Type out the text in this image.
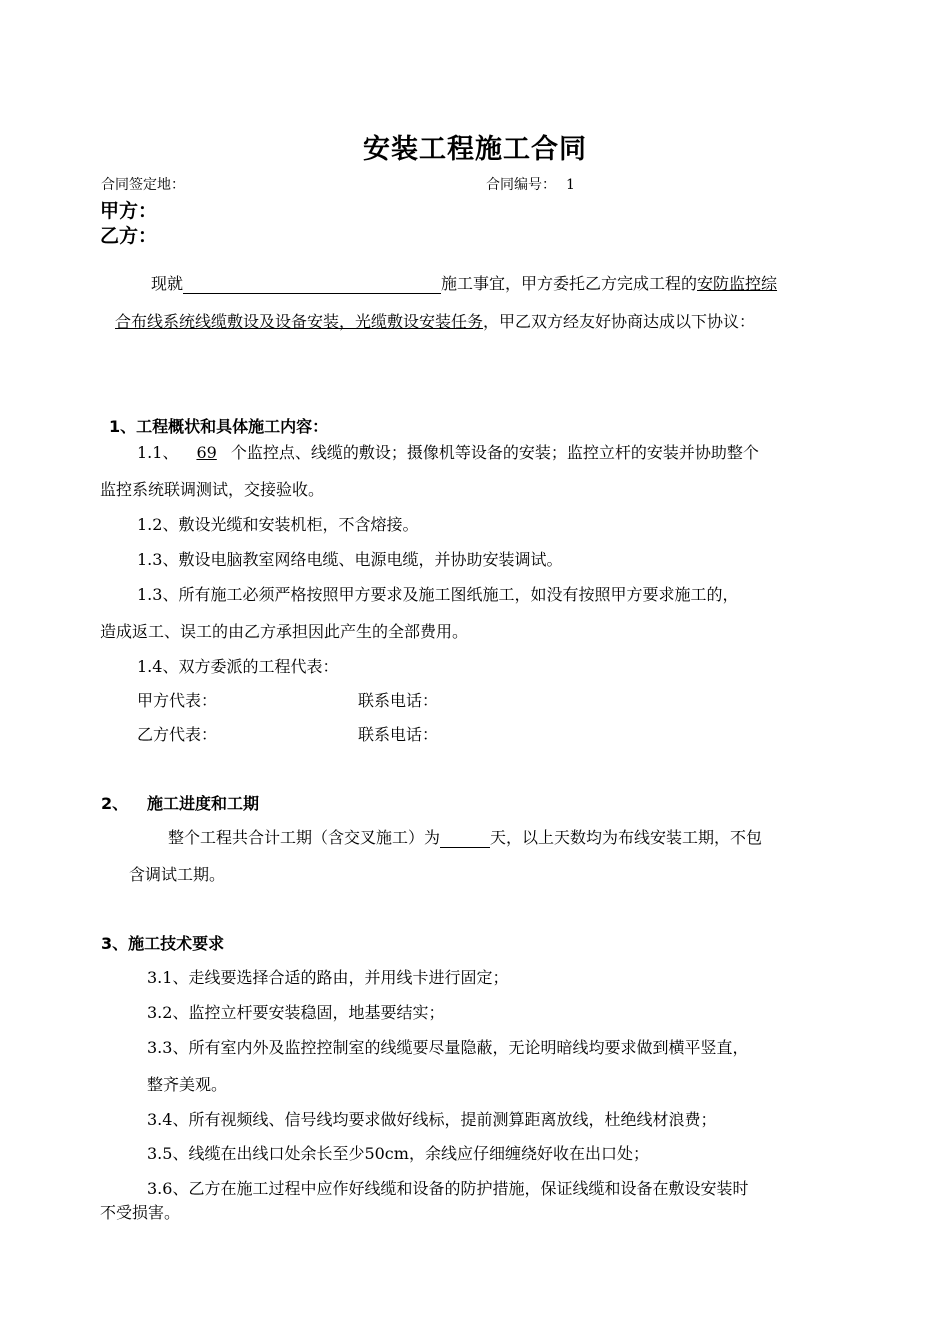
安装工程施工合同
合同签定地：	合同编号： 1
甲方：
乙方：
现就	施工事宜，甲方委托乙方完成工程的安防监控综
合布线系统线缆敷设及设备安装，光缆敷设安装任务，甲乙双方经友好协商达成以下协议：
1、工程概状和具体施工内容：
1.1、 69 个监控点、线缆的敷设；摄像机等设备的安装；监控立杆的安装并协助整个
监控系统联调测试，交接验收。
1.2、敷设光缆和安装机柜，不含熔接。
1.3、敷设电脑教室网络电缆、电源电缆，并协助安装调试。
1.3、所有施工必须严格按照甲方要求及施工图纸施工，如没有按照甲方要求施工的，
造成返工、误工的由乙方承担因此产生的全部费用。
1.4、双方委派的工程代表：
甲方代表：	联系电话：
乙方代表：	联系电话：
2、 施工进度和工期
整个工程共合计工期（含交叉施工）为	天，以上天数均为布线安装工期，不包
含调试工期。
3、施工技术要求
3.1、走线要选择合适的路由，并用线卡进行固定；
3.2、监控立杆要安装稳固，地基要结实；
3.3、所有室内外及监控控制室的线缆要尽量隐蔽，无论明暗线均要求做到横平竖直，
整齐美观。
3.4、所有视频线、信号线均要求做好线标，提前测算距离放线，杜绝线材浪费；
3.5、线缆在出线口处余长至少50cm，余线应仔细缠绕好收在出口处；
3.6、乙方在施工过程中应作好线缆和设备的防护措施，保证线缆和设备在敷设安装时
不受损害。
